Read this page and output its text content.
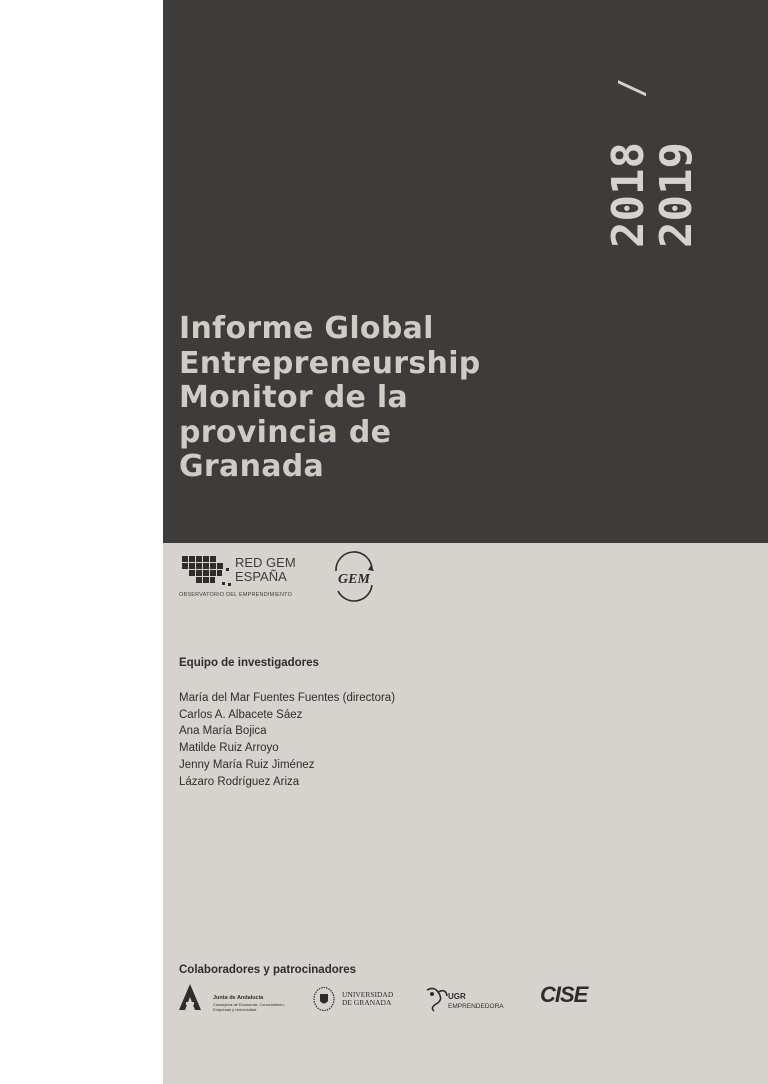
2018
2019
/
Informe Global
Entrepreneurship
Monitor de la
provincia de
Granada
RED GEM
ESPAÑA
OBSERVATORIO DEL EMPRENDIMIENTO
GEM
Equipo de investigadores
María del Mar Fuentes Fuentes (directora)
Carlos A. Albacete Sáez
Ana María Bojica
Matilde Ruiz Arroyo
Jenny María Ruiz Jiménez
Lázaro Rodríguez Ariza
Colaboradores y patrocinadores
Junta de Andalucía
Consejería de Economía, Conocimiento, Empresas y Universidad
UNIVERSIDAD
DE GRANADA
UGR
EMPRENDEDORA CISE
